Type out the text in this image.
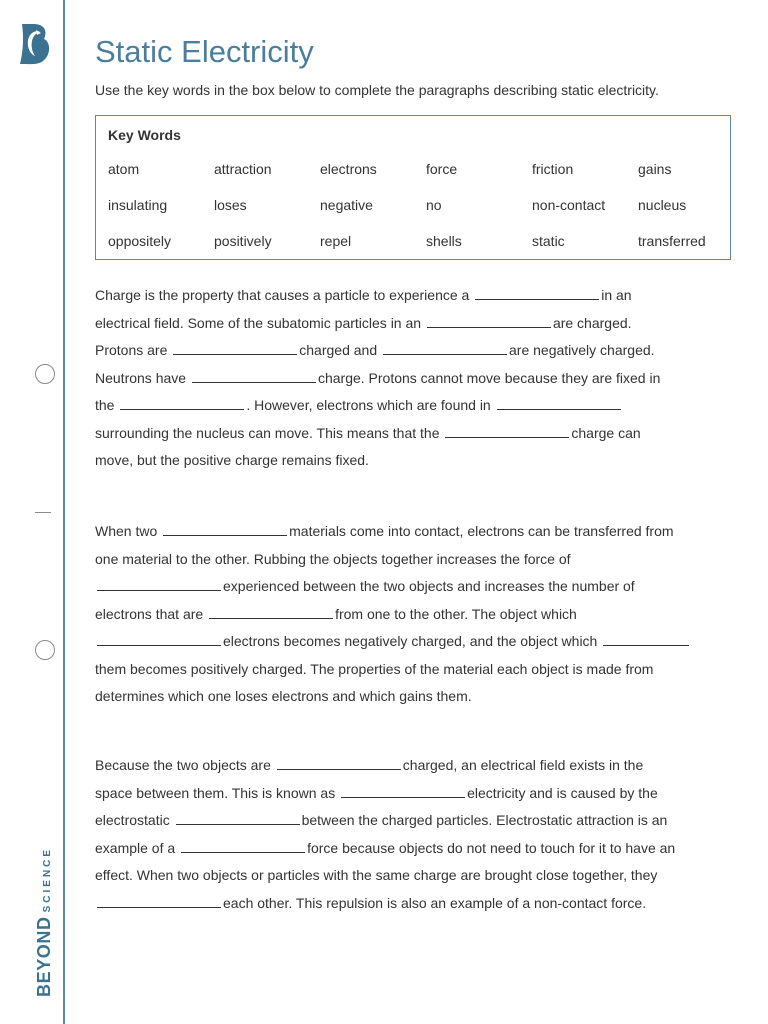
BEYONDSCIENCE
Static Electricity

Use the key words in the box below to complete the paragraphs describing static electricity.

Key Words
atom	attraction	electrons	force	friction	gains
insulating	loses	negative	no	non-contact nucleus
oppositely	positively	repel	shells	static	transferred
Charge is the property that causes a particle to experience a	in an
electrical field. Some of the subatomic particles in an	are charged.
Protons are	charged and	are negatively charged.
Neutrons have	charge. Protons cannot move because they are fixed in
the	. However, electrons which are found in
surrounding the nucleus can move. This means that the	charge can
move, but the positive charge remains fixed.
When two	materials come into contact, electrons can be transferred from
one material to the other. Rubbing the objects together increases the force of
experienced between the two objects and increases the number of
electrons that are	from one to the other. The object which
electrons becomes negatively charged, and the object which
them becomes positively charged. The properties of the material each object is made from
determines which one loses electrons and which gains them.
Because the two objects are	charged, an electrical field exists in the
space between them. This is known as	electricity and is caused by the
electrostatic	between the charged particles. Electrostatic attraction is an
example of a	force because objects do not need to touch for it to have an
effect. When two objects or particles with the same charge are brought close together, they
each other. This repulsion is also an example of a non-contact force.
